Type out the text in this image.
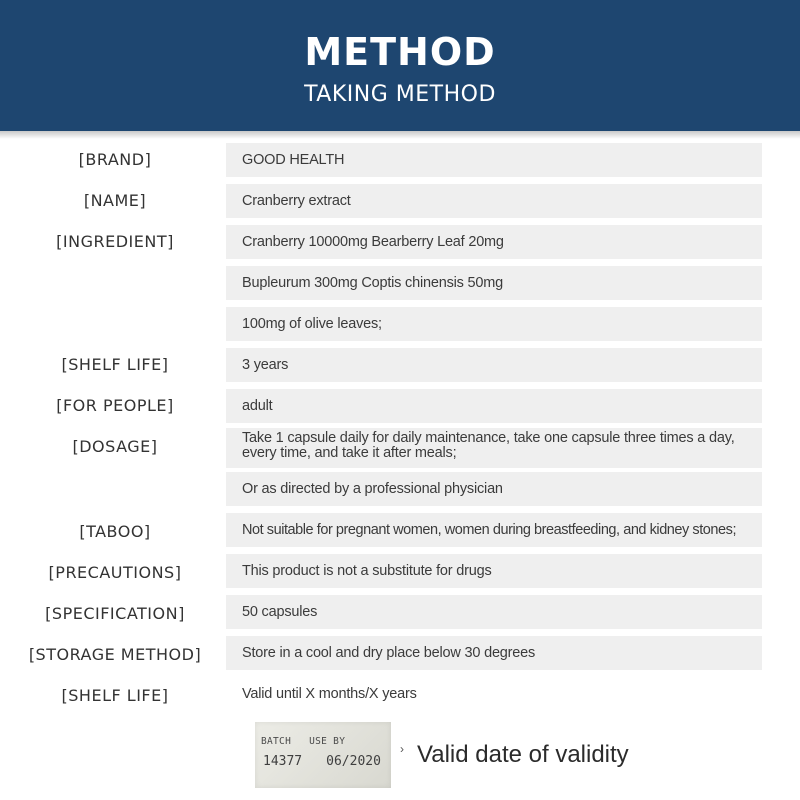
METHOD
TAKING METHOD
[BRAND]	GOOD HEALTH
[NAME]	Cranberry extract
[INGREDIENT]	Cranberry 10000mg Bearberry Leaf 20mg
Bupleurum 300mg Coptis chinensis 50mg
100mg of olive leaves;
[SHELF LIFE]	3 years
[FOR PEOPLE]	adult
[DOSAGE]	Take 1 capsule daily for daily maintenance, take one capsule three times a day, every time, and take it after meals;
Or as directed by a professional physician
[TABOO]	Not suitable for pregnant women, women during breastfeeding, and kidney stones;
[PRECAUTIONS]	This product is not a substitute for drugs
[SPECIFICATION]	50 capsules
[STORAGE METHOD]	Store in a cool and dry place below 30 degrees
[SHELF LIFE]	Valid until X months/X years
BATCH USE BY
14377 06/2020
› Valid date of validity
